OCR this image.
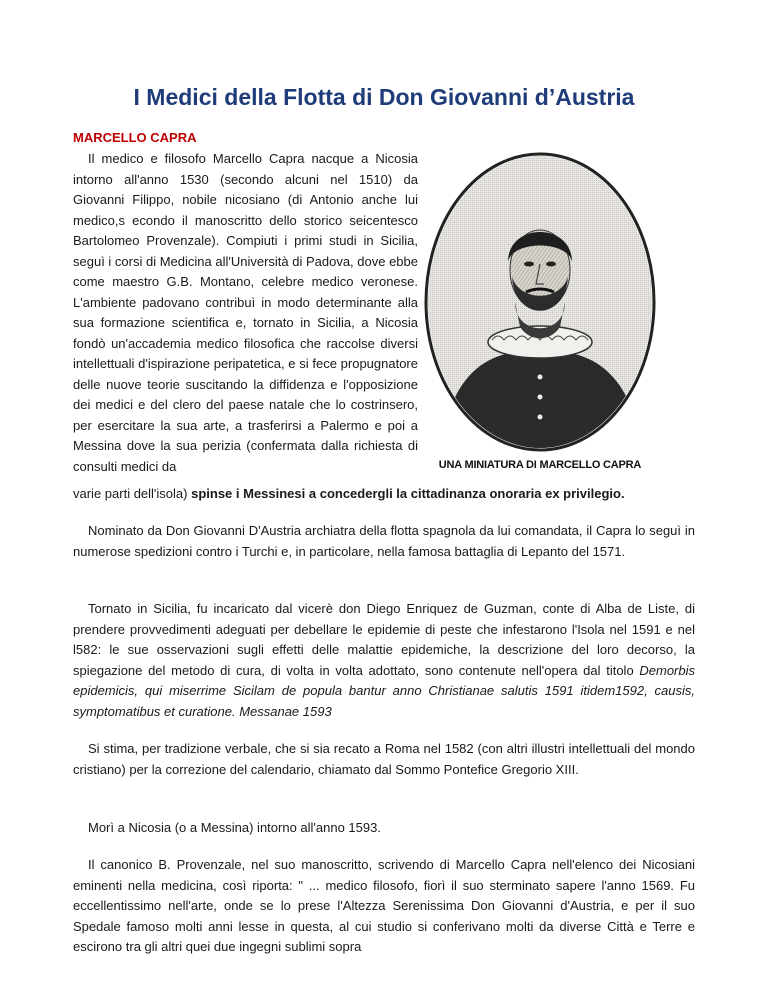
I Medici della Flotta di Don Giovanni d’Austria
MARCELLO CAPRA

Il medico e filosofo Marcello Capra nacque a Nicosia intorno all'anno 1530 (secondo alcuni nel 1510) da Giovanni Filippo, nobile nicosiano (di Antonio anche lui medico,s econdo il manoscritto dello storico seicentesco Bartolomeo Provenzale). Compiuti i primi studi in Sicilia, seguì i corsi di Medicina all'Università di Padova, dove ebbe come maestro G.B. Montano, celebre medico veronese. L'ambiente padovano contribuì in modo determinante alla sua formazione scientifica e, tornato in Sicilia, a Nicosia fondò un'accademia medico filosofica che raccolse diversi intellettuali d'ispirazione peripatetica, e si fece propugnatore delle nuove teorie suscitando la diffidenza e l'opposizione dei medici e del clero del paese natale che lo costrinsero, per esercitare la sua arte, a trasferirsi a Palermo e poi a Messina dove la sua perizia (confermata dalla richiesta di consulti medici da	UNA MINIATURA DI MARCELLO CAPRA

varie parti dell'isola) spinse i Messinesi a concedergli la cittadinanza onoraria ex privilegio.

Nominato da Don Giovanni D'Austria archiatra della flotta spagnola da lui comandata, il Capra lo seguì in numerose spedizioni contro i Turchi e, in particolare, nella famosa battaglia di Lepanto del 1571.

Tornato in Sicilia, fu incaricato dal vicerè don Diego Enriquez de Guzman, conte di Alba de Liste, di prendere provvedimenti adeguati per debellare le epidemie di peste che infestarono l'Isola nel 1591 e nel l582: le sue osservazioni sugli effetti delle malattie epidemiche, la descrizione del loro decorso, la spiegazione del metodo di cura, di volta in volta adottato, sono contenute nell'opera dal titolo Demorbis epidemicis, qui miserrime Sicilam de popula bantur anno Christianae salutis 1591 itidem1592, causis, symptomatibus et curatione. Messanae 1593

Si stima, per tradizione verbale, che si sia recato a Roma nel 1582 (con altri illustri intellettuali del mondo cristiano) per la correzione del calendario, chiamato dal Sommo Pontefice Gregorio XIII.

Morì a Nicosia (o a Messina) intorno all'anno 1593.

Il canonico B. Provenzale, nel suo manoscritto, scrivendo di Marcello Capra nell'elenco dei Nicosiani eminenti nella medicina, così riporta: " ... medico filosofo, fiorì il suo sterminato sapere l'anno 1569. Fu eccellentissimo nell'arte, onde se lo prese l'Altezza Serenissima Don Giovanni d'Austria, e per il suo Spedale famoso molti anni lesse in questa, al cui studio si conferivano molti da diverse Città e Terre e escirono tra gli altri quei due ingegni sublimi sopra
